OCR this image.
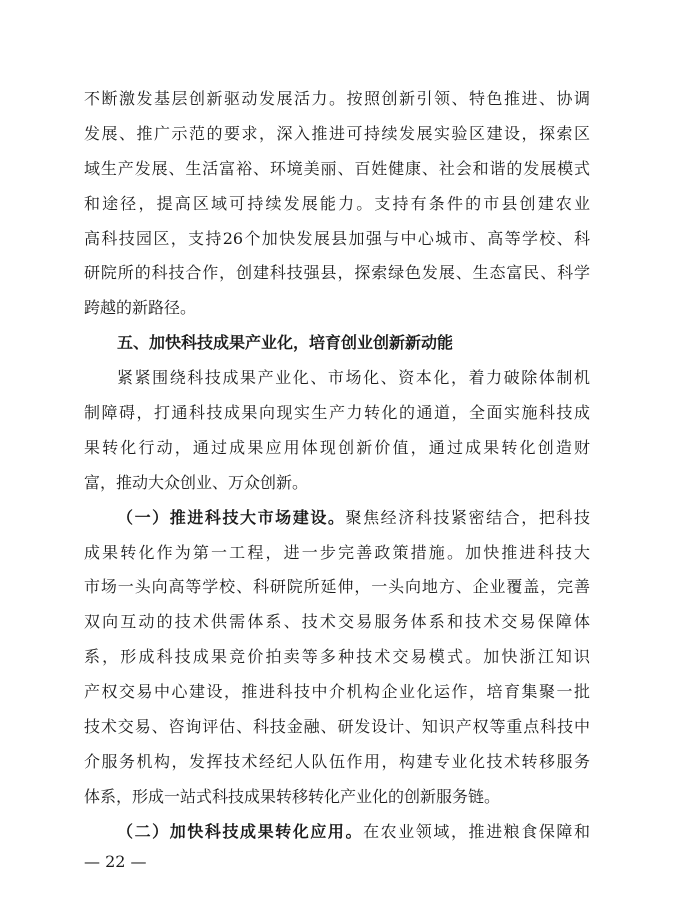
不断激发基层创新驱动发展活力。按照创新引领、特色推进、协调
发展、推广示范的要求，深入推进可持续发展实验区建设，探索区
域生产发展、生活富裕、环境美丽、百姓健康、社会和谐的发展模式
和途径，提高区域可持续发展能力。支持有条件的市县创建农业
高科技园区，支持26个加快发展县加强与中心城市、高等学校、科
研院所的科技合作，创建科技强县，探索绿色发展、生态富民、科学
跨越的新路径。
五、加快科技成果产业化，培育创业创新新动能
紧紧围绕科技成果产业化、市场化、资本化，着力破除体制机
制障碍，打通科技成果向现实生产力转化的通道，全面实施科技成
果转化行动，通过成果应用体现创新价值，通过成果转化创造财
富，推动大众创业、万众创新。
（一）推进科技大市场建设。聚焦经济科技紧密结合，把科技
成果转化作为第一工程，进一步完善政策措施。加快推进科技大
市场一头向高等学校、科研院所延伸，一头向地方、企业覆盖，完善
双向互动的技术供需体系、技术交易服务体系和技术交易保障体
系，形成科技成果竞价拍卖等多种技术交易模式。加快浙江知识
产权交易中心建设，推进科技中介机构企业化运作，培育集聚一批
技术交易、咨询评估、科技金融、研发设计、知识产权等重点科技中
介服务机构，发挥技术经纪人队伍作用，构建专业化技术转移服务
体系，形成一站式科技成果转移转化产业化的创新服务链。
（二）加快科技成果转化应用。在农业领域，推进粮食保障和
— 22 —
